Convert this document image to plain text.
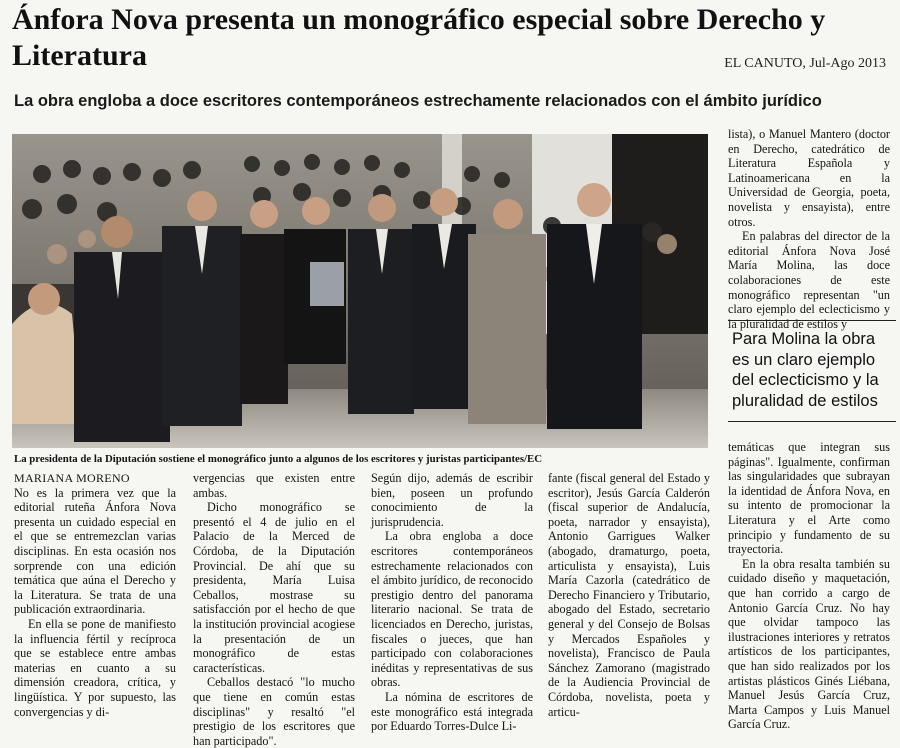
Ánfora Nova presenta un monográfico especial sobre Derecho y Literatura	EL CANUTO, Jul-Ago 2013
La obra engloba a doce escritores contemporáneos estrechamente relacionados con el ámbito jurídico
La presidenta de la Diputación sostiene el monográfico junto a algunos de los escritores y juristas participantes/EC
MARIANA MORENO

No es la primera vez que la editorial ruteña Ánfora Nova presenta un cuidado especial en el que se entremezclan varias disciplinas. En esta ocasión nos sorprende con una edición temática que aúna el Derecho y la Literatura. Se trata de una publicación extraordinaria.

En ella se pone de manifiesto la influencia fértil y recíproca que se establece entre ambas materias en cuanto a su dimensión creadora, crítica, y lingüística. Y por supuesto, las convergencias y di-

vergencias que existen entre ambas.

Dicho monográfico se presentó el 4 de julio en el Palacio de la Merced de Córdoba, de la Diputación Provincial. De ahí que su presidenta, María Luisa Ceballos, mostrase su satisfacción por el hecho de que la institución provincial acogiese la presentación de un monográfico de estas características.

Ceballos destacó "lo mucho que tiene en común estas disciplinas" y resaltó "el prestigio de los escritores que han participado".

Según dijo, además de escribir bien, poseen un profundo conocimiento de la jurisprudencia.

La obra engloba a doce escritores contemporáneos estrechamente relacionados con el ámbito jurídico, de reconocido prestigio dentro del panorama literario nacional. Se trata de licenciados en Derecho, juristas, fiscales o jueces, que han participado con colaboraciones inéditas y representativas de sus obras.

La nómina de escritores de este monográfico está integrada por Eduardo Torres-Dulce Li-

fante (fiscal general del Estado y escritor), Jesús García Calderón (fiscal superior de Andalucía, poeta, narrador y ensayista), Antonio Garrigues Walker (abogado, dramaturgo, poeta, articulista y ensayista), Luis María Cazorla (catedrático de Derecho Financiero y Tributario, abogado del Estado, secretario general y del Consejo de Bolsas y Mercados Españoles y novelista), Francisco de Paula Sánchez Zamorano (magistrado de la Audiencia Provincial de Córdoba, novelista, poeta y articu-

lista), o Manuel Mantero (doctor en Derecho, catedrático de Literatura Española y Latinoamericana en la Universidad de Georgia, poeta, novelista y ensayista), entre otros.

En palabras del director de la editorial Ánfora Nova José María Molina, las doce colaboraciones de este monográfico representan "un claro ejemplo del eclecticismo y la pluralidad de estilos y

Para Molina la obra es un claro ejemplo del eclecticismo y la pluralidad de estilos

temáticas que integran sus páginas". Igualmente, confirman las singularidades que subrayan la identidad de Ánfora Nova, en su intento de promocionar la Literatura y el Arte como principio y fundamento de su trayectoria.

En la obra resalta también su cuidado diseño y maquetación, que han corrido a cargo de Antonio García Cruz. No hay que olvidar tampoco las ilustraciones interiores y retratos artísticos de los participantes, que han sido realizados por los artistas plásticos Ginés Liébana, Manuel Jesús García Cruz, Marta Campos y Luis Manuel García Cruz.
